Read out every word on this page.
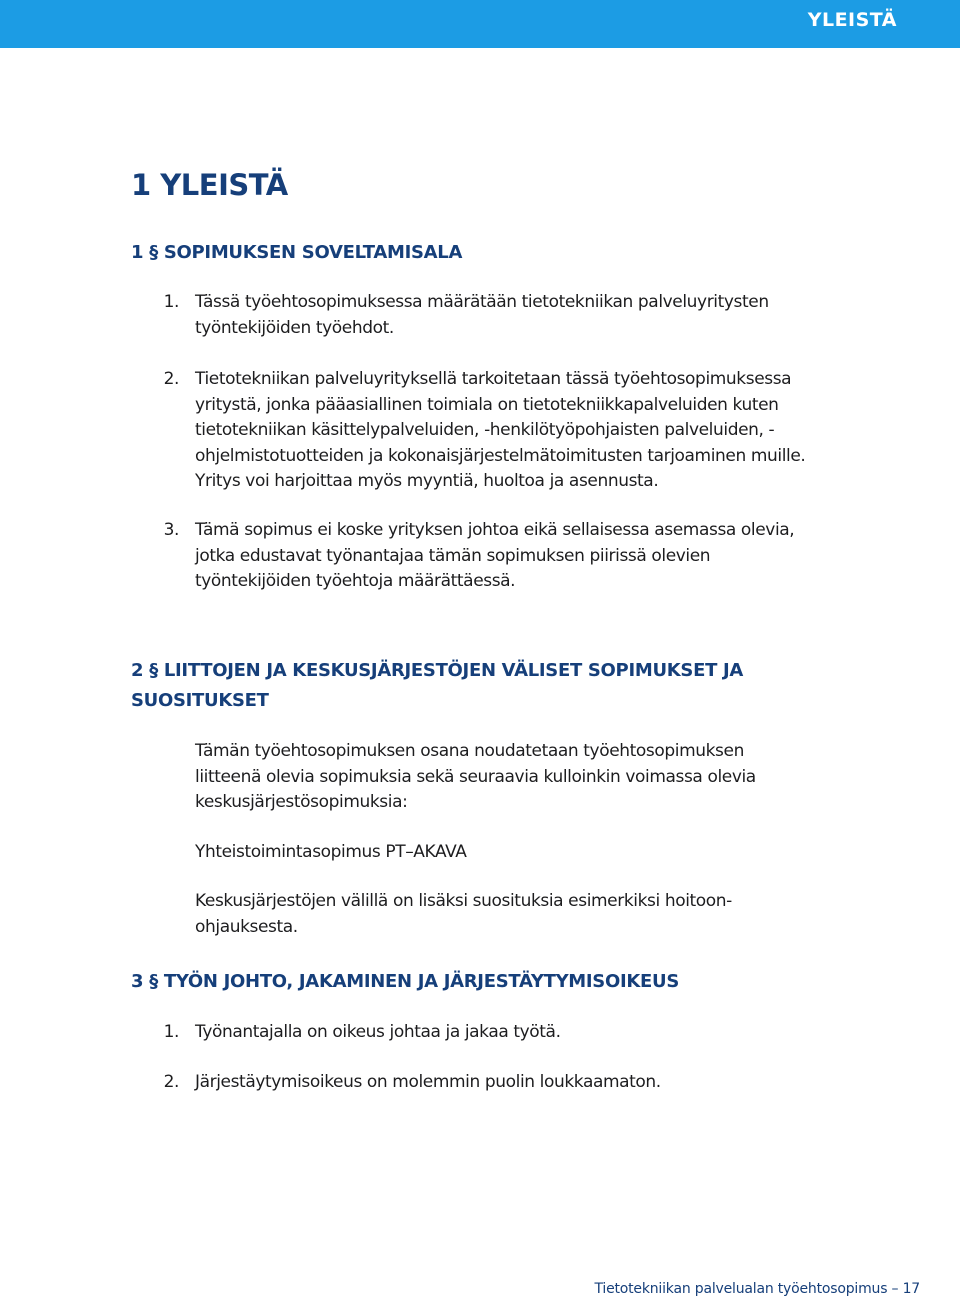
YLEISTÄ
1 YLEISTÄ
1 § SOPIMUKSEN SOVELTAMISALA
1. Tässä työehtosopimuksessa määrätään tietotekniikan palveluyritysten työntekijöiden työehdot.
2. Tietotekniikan palveluyrityksellä tarkoitetaan tässä työehtosopimuksessa yritystä, jonka pääasiallinen toimiala on tietotekniikkapalveluiden kuten tietotekniikan käsittelypalveluiden, -henkilötyöpohjaisten palveluiden, -ohjelmistotuotteiden ja kokonaisjärjestelmätoimitusten tarjoaminen muille. Yritys voi harjoittaa myös myyntiä, huoltoa ja asennusta.
3. Tämä sopimus ei koske yrityksen johtoa eikä sellaisessa asemassa olevia, jotka edustavat työnantajaa tämän sopimuksen piirissä olevien työntekijöiden työehtoja määrättäessä.
2 § LIITTOJEN JA KESKUSJÄRJESTÖJEN VÄLISET SOPIMUKSET JA SUOSITUKSET

Tämän työehtosopimuksen osana noudatetaan työehtosopimuksen liitteenä olevia sopimuksia sekä seuraavia kulloinkin voimassa olevia keskusjärjestösopimuksia:

Yhteistoimintasopimus PT–AKAVA

Keskusjärjestöjen välillä on lisäksi suosituksia esimerkiksi hoitoon-ohjauksesta.

3 § TYÖN JOHTO, JAKAMINEN JA JÄRJESTÄYTYMISOIKEUS
1. Työnantajalla on oikeus johtaa ja jakaa työtä.
2. Järjestäytymisoikeus on molemmin puolin loukkaamaton.
Tietotekniikan palvelualan työehtosopimus – 17
